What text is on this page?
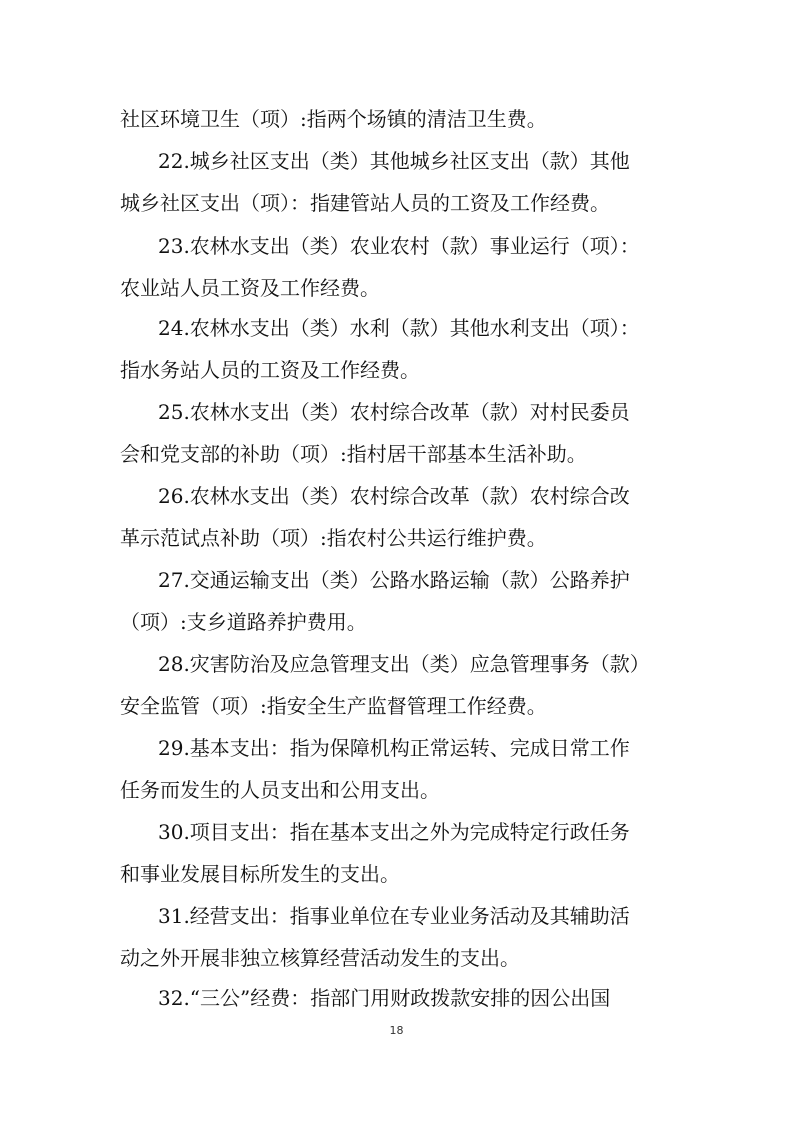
社区环境卫生（项）:指两个场镇的清洁卫生费。
22.城乡社区支出（类）其他城乡社区支出（款）其他
城乡社区支出（项）：指建管站人员的工资及工作经费。
23.农林水支出（类）农业农村（款）事业运行（项）：
农业站人员工资及工作经费。
24.农林水支出（类）水利（款）其他水利支出（项）：
指水务站人员的工资及工作经费。
25.农林水支出（类）农村综合改革（款）对村民委员
会和党支部的补助（项）:指村居干部基本生活补助。
26.农林水支出（类）农村综合改革（款）农村综合改
革示范试点补助（项）:指农村公共运行维护费。
27.交通运输支出（类）公路水路运输（款）公路养护
（项）:支乡道路养护费用。
28.灾害防治及应急管理支出（类）应急管理事务（款）
安全监管（项）:指安全生产监督管理工作经费。
29.基本支出：指为保障机构正常运转、完成日常工作
任务而发生的人员支出和公用支出。
30.项目支出：指在基本支出之外为完成特定行政任务
和事业发展目标所发生的支出。
31.经营支出：指事业单位在专业业务活动及其辅助活
动之外开展非独立核算经营活动发生的支出。
32.“三公”经费：指部门用财政拨款安排的因公出国
18
